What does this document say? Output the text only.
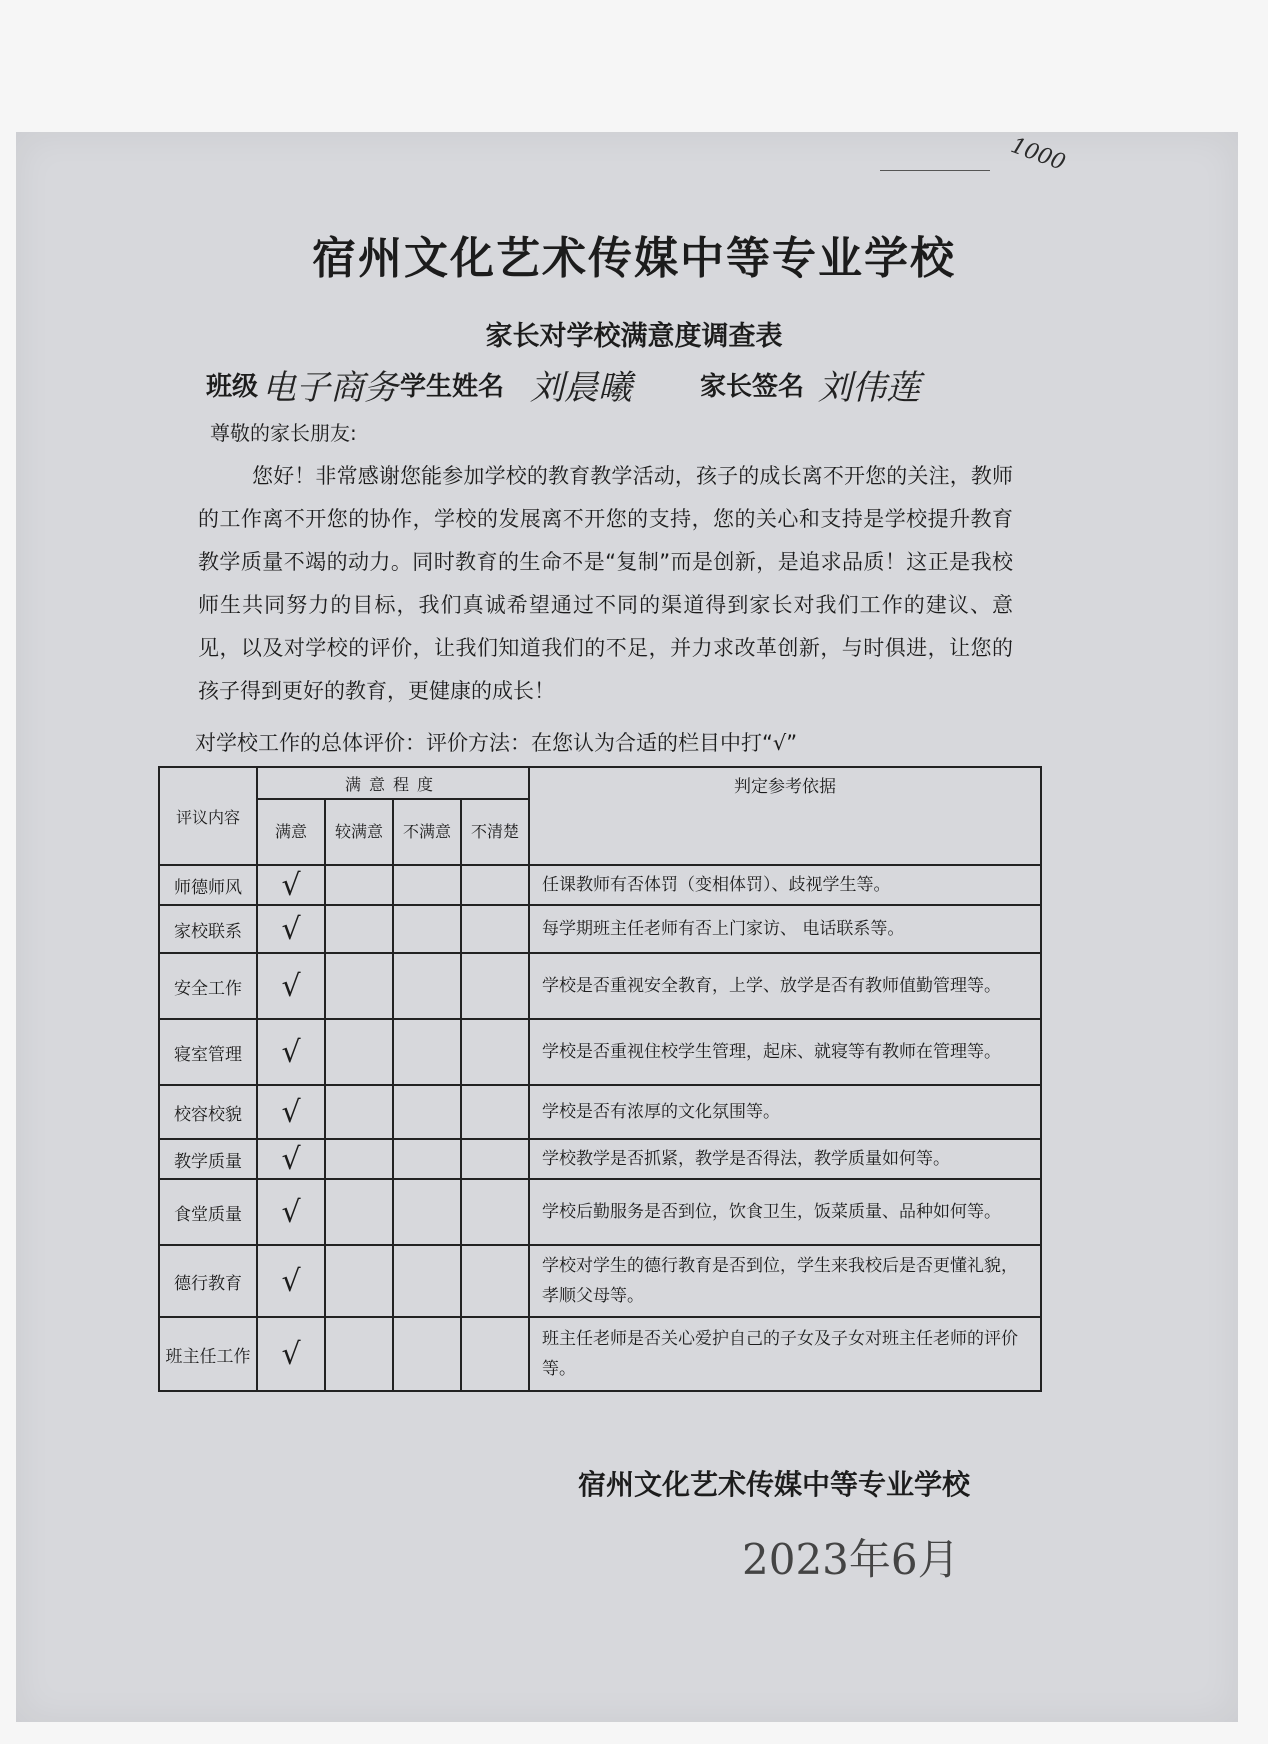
1000
宿州文化艺术传媒中等专业学校
家长对学校满意度调查表
班级 电子商务 学生姓名 刘晨曦	家长签名 刘伟莲
尊敬的家长朋友:
您好！非常感谢您能参加学校的教育教学活动，孩子的成长离不开您的关注，教师的工作离不开您的协作，学校的发展离不开您的支持，您的关心和支持是学校提升教育教学质量不竭的动力。同时教育的生命不是“复制”而是创新，是追求品质！这正是我校师生共同努力的目标，我们真诚希望通过不同的渠道得到家长对我们工作的建议、意见，以及对学校的评价，让我们知道我们的不足，并力求改革创新，与时俱进，让您的孩子得到更好的教育，更健康的成长！
对学校工作的总体评价：评价方法：在您认为合适的栏目中打“√”
评议内容	满意程度				判定参考依据
	满意	较满意	不满意	不清楚	
师德师风	√				任课教师有否体罚（变相体罚）、歧视学生等。
家校联系	√				每学期班主任老师有否上门家访、 电话联系等。
安全工作	√				学校是否重视安全教育，上学、放学是否有教师值勤管理等。
寝室管理	√				学校是否重视住校学生管理，起床、就寝等有教师在管理等。
校容校貌	√				学校是否有浓厚的文化氛围等。
教学质量	√				学校教学是否抓紧，教学是否得法，教学质量如何等。
食堂质量	√				学校后勤服务是否到位，饮食卫生，饭菜质量、品种如何等。
德行教育	√				学校对学生的德行教育是否到位，学生来我校后是否更懂礼貌，孝顺父母等。
班主任工作	√				班主任老师是否关心爱护自己的子女及子女对班主任老师的评价等。
宿州文化艺术传媒中等专业学校
2023年6月
